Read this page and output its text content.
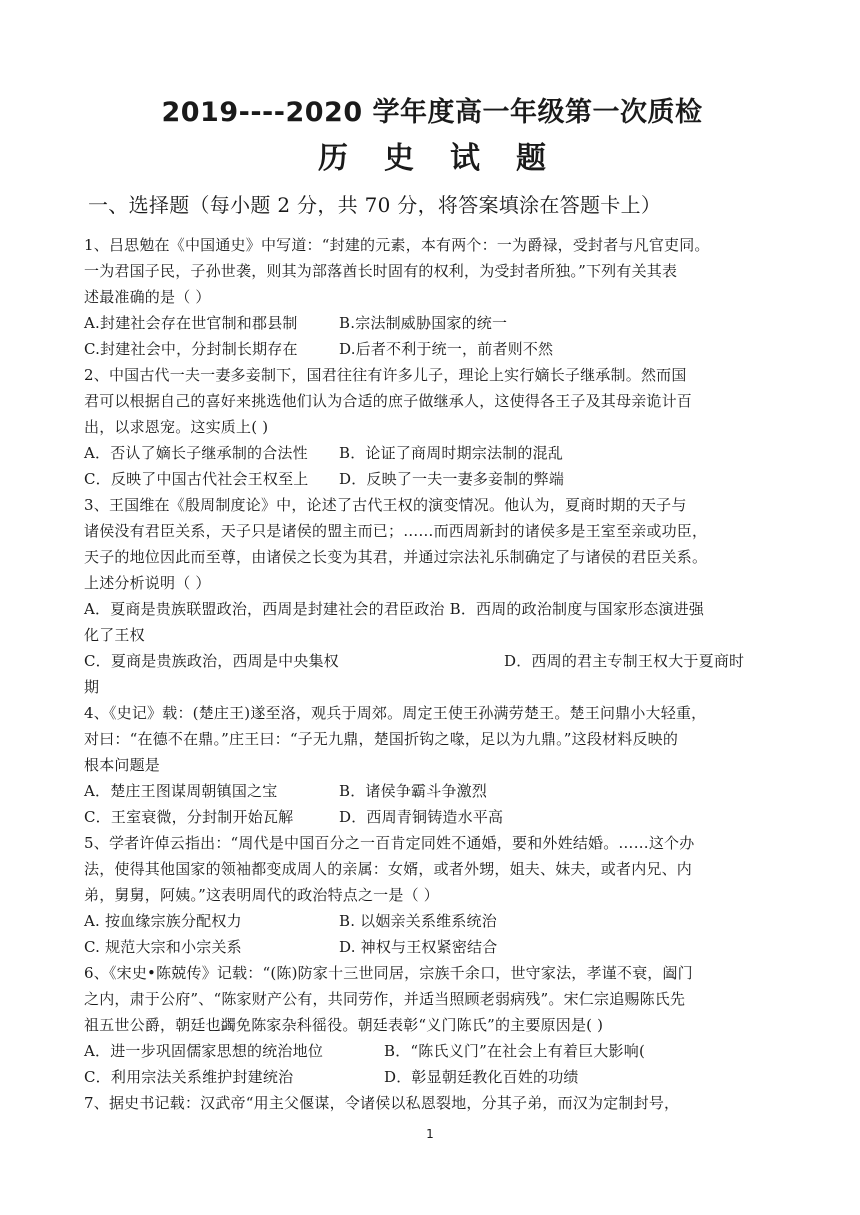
2019----2020 学年度高一年级第一次质检
历 史 试 题
一、选择题（每小题 2 分，共 70 分，将答案填涂在答题卡上）
1、吕思勉在《中国通史》中写道：“封建的元素，本有两个：一为爵禄，受封者与凡官吏同。
一为君国子民，子孙世袭，则其为部落酋长时固有的权利，为受封者所独。”下列有关其表
述最准确的是（ ）
A.封建社会存在世官制和郡县制	B.宗法制威胁国家的统一
C.封建社会中，分封制长期存在	D.后者不利于统一，前者则不然
2、中国古代一夫一妻多妾制下，国君往往有许多儿子，理论上实行嫡长子继承制。然而国
君可以根据自己的喜好来挑选他们认为合适的庶子做继承人，这使得各王子及其母亲诡计百
出，以求恩宠。这实质上( )
A．否认了嫡长子继承制的合法性	B．论证了商周时期宗法制的混乱
C．反映了中国古代社会王权至上	D．反映了一夫一妻多妾制的弊端
3、王国维在《殷周制度论》中，论述了古代王权的演变情况。他认为，夏商时期的天子与
诸侯没有君臣关系，天子只是诸侯的盟主而已；……而西周新封的诸侯多是王室至亲或功臣，
天子的地位因此而至尊，由诸侯之长变为其君，并通过宗法礼乐制确定了与诸侯的君臣关系。
上述分析说明（ ）
A．夏商是贵族联盟政治，西周是封建社会的君臣政治 B．西周的政治制度与国家形态演进强
化了王权
C．夏商是贵族政治，西周是中央集权	D．西周的君主专制王权大于夏商时
期
4、《史记》载：(楚庄王)遂至洛，观兵于周郊。周定王使王孙满劳楚王。楚王问鼎小大轻重，
对曰：“在德不在鼎。”庄王曰：“子无九鼎，楚国折钩之喙，足以为九鼎。”这段材料反映的
根本问题是
A．楚庄王图谋周朝镇国之宝	B．诸侯争霸斗争激烈
C．王室衰微，分封制开始瓦解	D．西周青铜铸造水平高
5、学者许倬云指出：“周代是中国百分之一百肯定同姓不通婚，要和外姓结婚。……这个办
法，使得其他国家的领袖都变成周人的亲属：女婿，或者外甥，姐夫、妹夫，或者内兄、内
弟，舅舅，阿姨。”这表明周代的政治特点之一是（ ）
A. 按血缘宗族分配权力	B. 以姻亲关系维系统治
C. 规范大宗和小宗关系	D. 神权与王权紧密结合
6、《宋史•陈兢传》记载：“(陈)防家十三世同居，宗族千余口，世守家法，孝谨不衰，阖门
之内，肃于公府”、“陈家财产公有，共同劳作，并适当照顾老弱病残”。宋仁宗追赐陈氏先
祖五世公爵，朝廷也蠲免陈家杂科徭役。朝廷表彰“义门陈氏”的主要原因是( )
A．进一步巩固儒家思想的统治地位	B．“陈氏义门”在社会上有着巨大影响(
C．利用宗法关系维护封建统治	D．彰显朝廷教化百姓的功绩
7、据史书记载：汉武帝“用主父偃谋，令诸侯以私恩裂地，分其子弟，而汉为定制封号，
1
